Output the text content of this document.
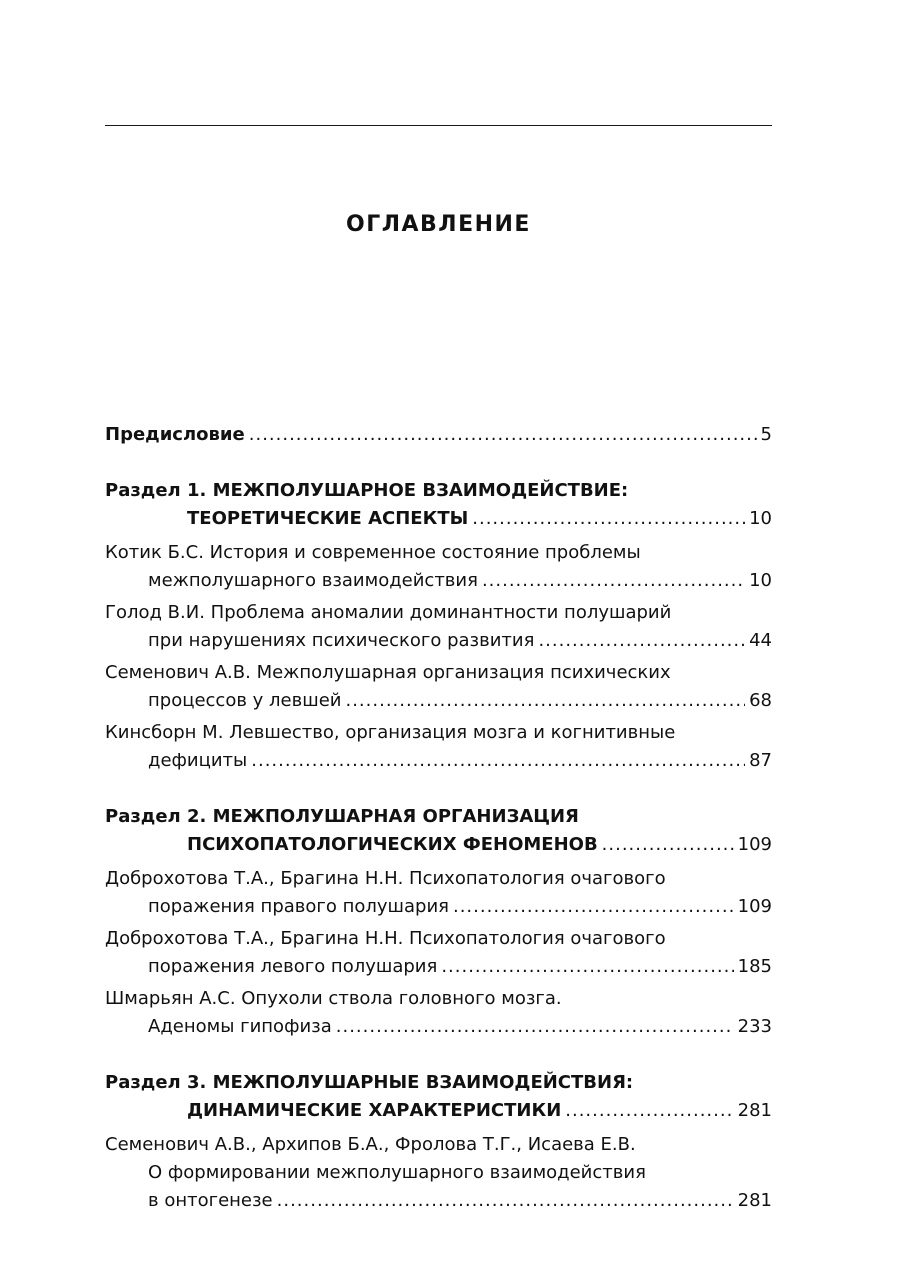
ОГЛАВЛЕНИЕ
Предисловие .....	5
Раздел 1. МЕЖПОЛУШАРНОЕ ВЗАИМОДЕЙСТВИЕ:
ТЕОРЕТИЧЕСКИЕ АСПЕКТЫ .....	10
Котик Б.С. История и современное состояние проблемы
межполушарного взаимодействия .....	10
Голод В.И. Проблема аномалии доминантности полушарий
при нарушениях психического развития .....	44
Семенович А.В. Межполушарная организация психических
процессов у левшей .....	68
Кинсборн М. Левшество, организация мозга и когнитивные
дефициты .....	87
Раздел 2. МЕЖПОЛУШАРНАЯ ОРГАНИЗАЦИЯ
ПСИХОПАТОЛОГИЧЕСКИХ ФЕНОМЕНОВ .....	109
Доброхотова Т.А., Брагина Н.Н. Психопатология очагового
поражения правого полушария .....	109
Доброхотова Т.А., Брагина Н.Н. Психопатология очагового
поражения левого полушария .....	185
Шмарьян А.С. Опухоли ствола головного мозга.
Аденомы гипофиза .....	233
Раздел 3. МЕЖПОЛУШАРНЫЕ ВЗАИМОДЕЙСТВИЯ:
ДИНАМИЧЕСКИЕ ХАРАКТЕРИСТИКИ .....	281
Семенович А.В., Архипов Б.А., Фролова Т.Г., Исаева Е.В.
О формировании межполушарного взаимодействия
в онтогенезе .....	281
